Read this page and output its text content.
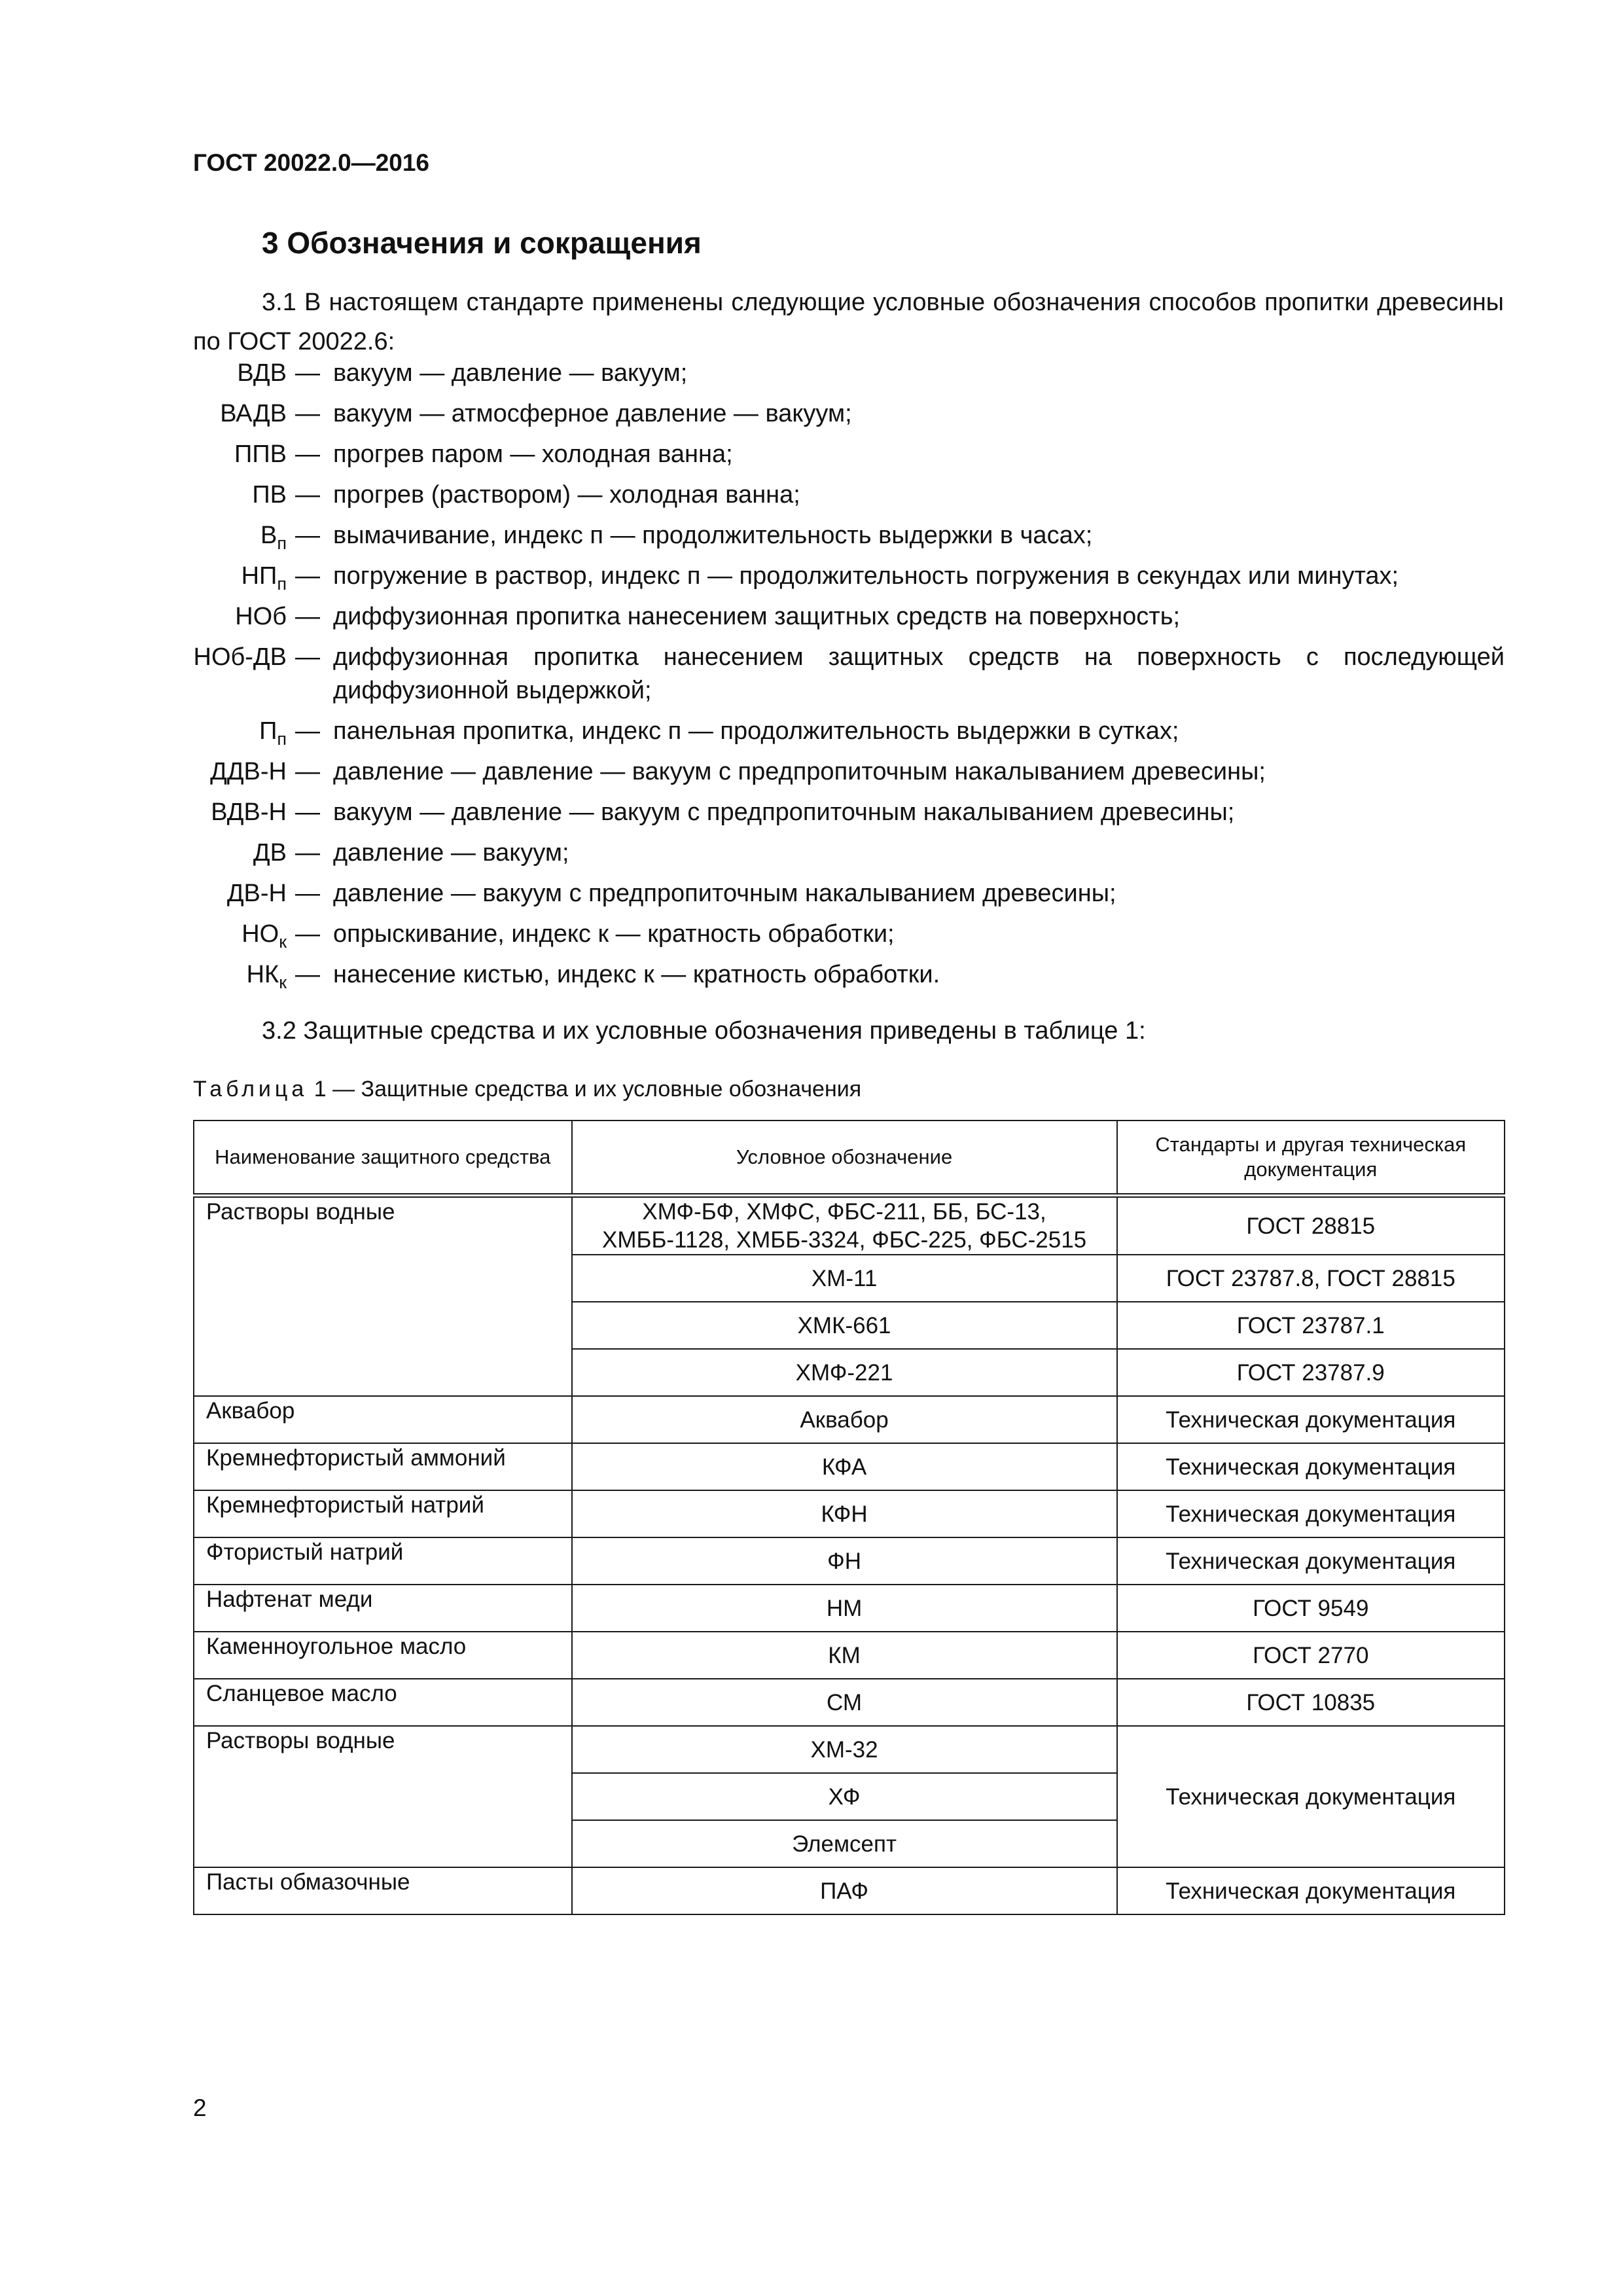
ГОСТ 20022.0—2016
3 Обозначения и сокращения
3.1 В настоящем стандарте применены следующие условные обозначения способов пропитки древесины по ГОСТ 20022.6:
ВДВ — вакуум — давление — вакуум;
ВАДВ — вакуум — атмосферное давление — вакуум;
ППВ — прогрев паром — холодная ванна;
ПВ — прогрев (раствором) — холодная ванна;
$В_п$ — вымачивание, индекс п — продолжительность выдержки в часах;
$НП_п$ — погружение в раствор, индекс п — продолжительность погружения в секундах или минутах;
НОб — диффузионная пропитка нанесением защитных средств на поверхность;
НОб-ДВ — диффузионная пропитка нанесением защитных средств на поверхность с последующей диффузионной выдержкой;
$П_п$ — панельная пропитка, индекс п — продолжительность выдержки в сутках;
ДДВ-Н — давление — давление — вакуум с предпропиточным накалыванием древесины;
ВДВ-Н — вакуум — давление — вакуум с предпропиточным накалыванием древесины;
ДВ — давление — вакуум;
ДВ-Н — давление — вакуум с предпропиточным накалыванием древесины;
$НО_к$ — опрыскивание, индекс к — кратность обработки;
$НК_к$ — нанесение кистью, индекс к — кратность обработки.
3.2 Защитные средства и их условные обозначения приведены в таблице 1:
Таблица 1 — Защитные средства и их условные обозначения
Наименование защитного средства	Условное обозначение	Стандарты и другая техническая документация
Растворы водные	ХМФ-БФ, ХМФС, ФБС-211, ББ, БС-13, ХМББ-1128, ХМББ-3324, ФБС-225, ФБС-2515	ГОСТ 28815
	ХМ-11	ГОСТ 23787.8, ГОСТ 28815
	ХМК-661	ГОСТ 23787.1
	ХМФ-221	ГОСТ 23787.9
Аквабор	Аквабор	Техническая документация
Кремнефтористый аммоний	КФА	Техническая документация
Кремнефтористый натрий	КФН	Техническая документация
Фтористый натрий	ФН	Техническая документация
Нафтенат меди	НМ	ГОСТ 9549
Каменноугольное масло	КМ	ГОСТ 2770
Сланцевое масло	СМ	ГОСТ 10835
Растворы водные	ХМ-32	Техническая документация
	ХФ	
	Элемсепт	
Пасты обмазочные	ПАФ	Техническая документация
2
